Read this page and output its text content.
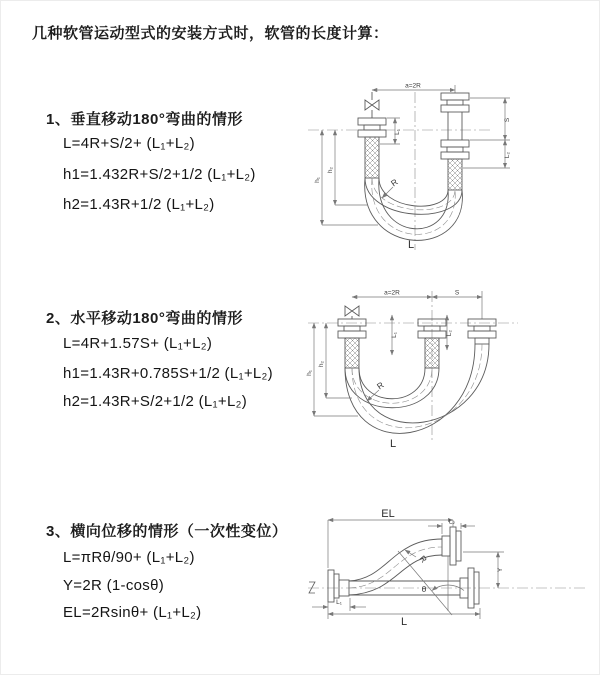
几种软管运动型式的安装方式时，软管的长度计算：
1、垂直移动180°弯曲的情形
L=4R+S/2+ (L₁+L₂)
h1=1.432R+S/2+1/2 (L₁+L₂)
h2=1.43R+1/2 (L₁+L₂)
a=2R
h₁
h₂
L₁
S
L₂
R
L
2、水平移动180°弯曲的情形
L=4R+1.57S+ (L₁+L₂)
h1=1.43R+0.785S+1/2 (L₁+L₂)
h2=1.43R+S/2+1/2 (L₁+L₂)
a=2R	S
h₁
h₂
L₁	L₂
R
L
3、横向位移的情形（一次性变位）
L=πRθ/90+ (L₁+L₂)
Y=2R (1-cosθ)
EL=2Rsinθ+ (L₁+L₂)
EL
L₂
Y
θ
R
L₁
L
